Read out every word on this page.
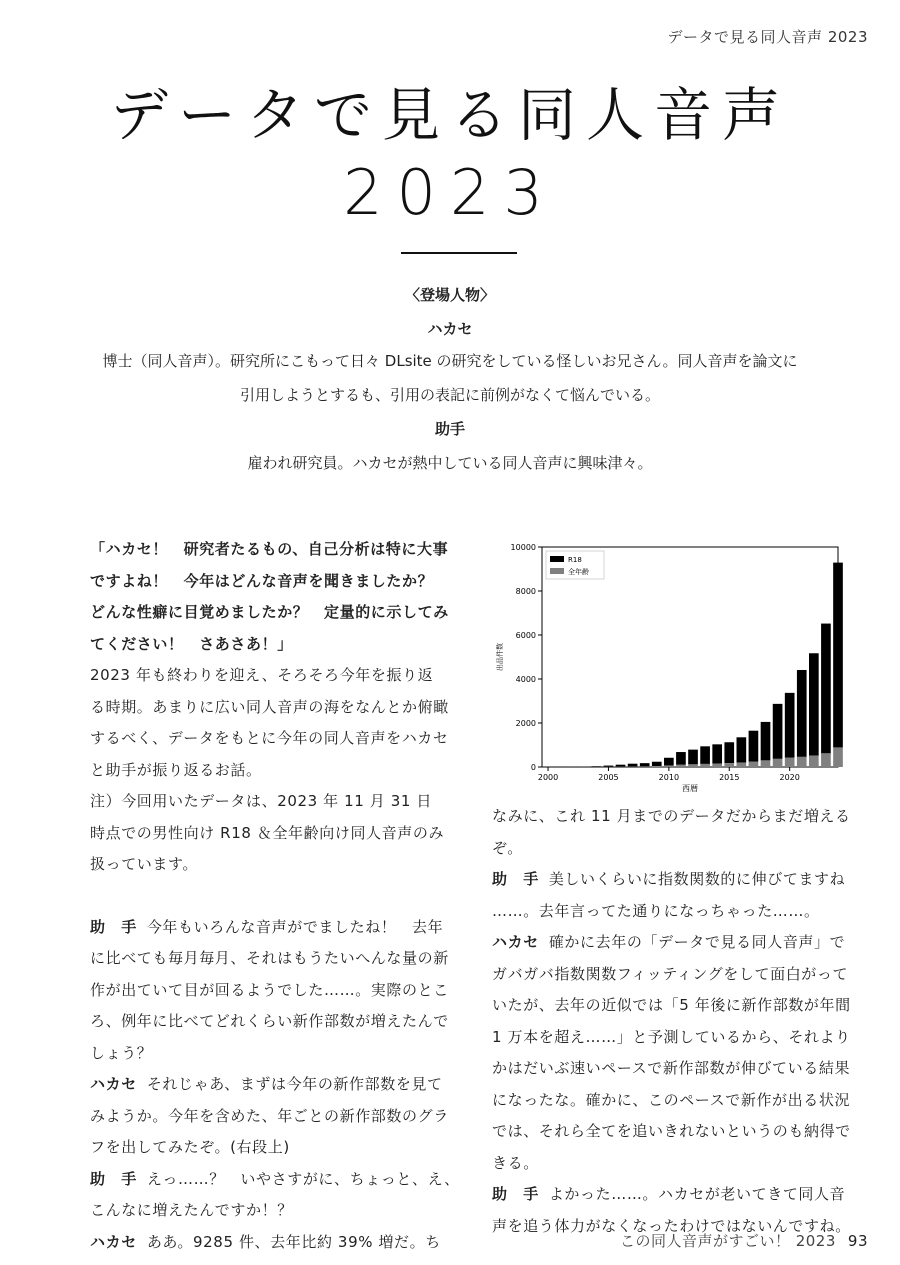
データで見る同人音声 2023
データで見る同人音声
2023
〈登場人物〉
ハカセ
博士（同人音声）。研究所にこもって日々 DLsite の研究をしている怪しいお兄さん。同人音声を論文に
引用しようとするも、引用の表記に前例がなくて悩んでいる。
助手
雇われ研究員。ハカセが熱中している同人音声に興味津々。

「ハカセ！　研究者たるもの、自己分析は特に大事

ですよね！　今年はどんな音声を聞きましたか？

どんな性癖に目覚めましたか？　定量的に示してみ

てください！　さあさあ！」

2023 年も終わりを迎え、そろそろ今年を振り返

る時期。あまりに広い同人音声の海をなんとか俯瞰

するべく、データをもとに今年の同人音声をハカセ

と助手が振り返るお話。

注）今回用いたデータは、2023 年 11 月 31 日

時点での男性向け R18 ＆全年齢向け同人音声のみ

扱っています。

助　手 今年もいろんな音声がでましたね！　去年

に比べても毎月毎月、それはもうたいへんな量の新

作が出ていて目が回るようでした……。実際のとこ

ろ、例年に比べてどれくらい新作部数が増えたんで

しょう？

ハカセ それじゃあ、まずは今年の新作部数を見て

みようか。今年を含めた、年ごとの新作部数のグラ

フを出してみたぞ。(右段上)

助　手 えっ……？　いやさすがに、ちょっと、え、

こんなに増えたんですか！？

ハカセ ああ。9285 件、去年比約 39% 増だ。ち

0
2000
4000
6000
8000
10000
2000	2005	2010	2015	2020
西暦
出品件数
R18
全年齢

なみに、これ 11 月までのデータだからまだ増える

ぞ。

助　手 美しいくらいに指数関数的に伸びてますね

……。去年言ってた通りになっちゃった……。

ハカセ 確かに去年の「データで見る同人音声」で

ガバガバ指数関数フィッティングをして面白がって

いたが、去年の近似では「5 年後に新作部数が年間

1 万本を超え……」と予測しているから、それより

かはだいぶ速いペースで新作部数が伸びている結果

になったな。確かに、このペースで新作が出る状況

では、それら全てを追いきれないというのも納得で

きる。

助　手 よかった……。ハカセが老いてきて同人音

声を追う体力がなくなったわけではないんですね。

この同人音声がすごい！ 2023 93
